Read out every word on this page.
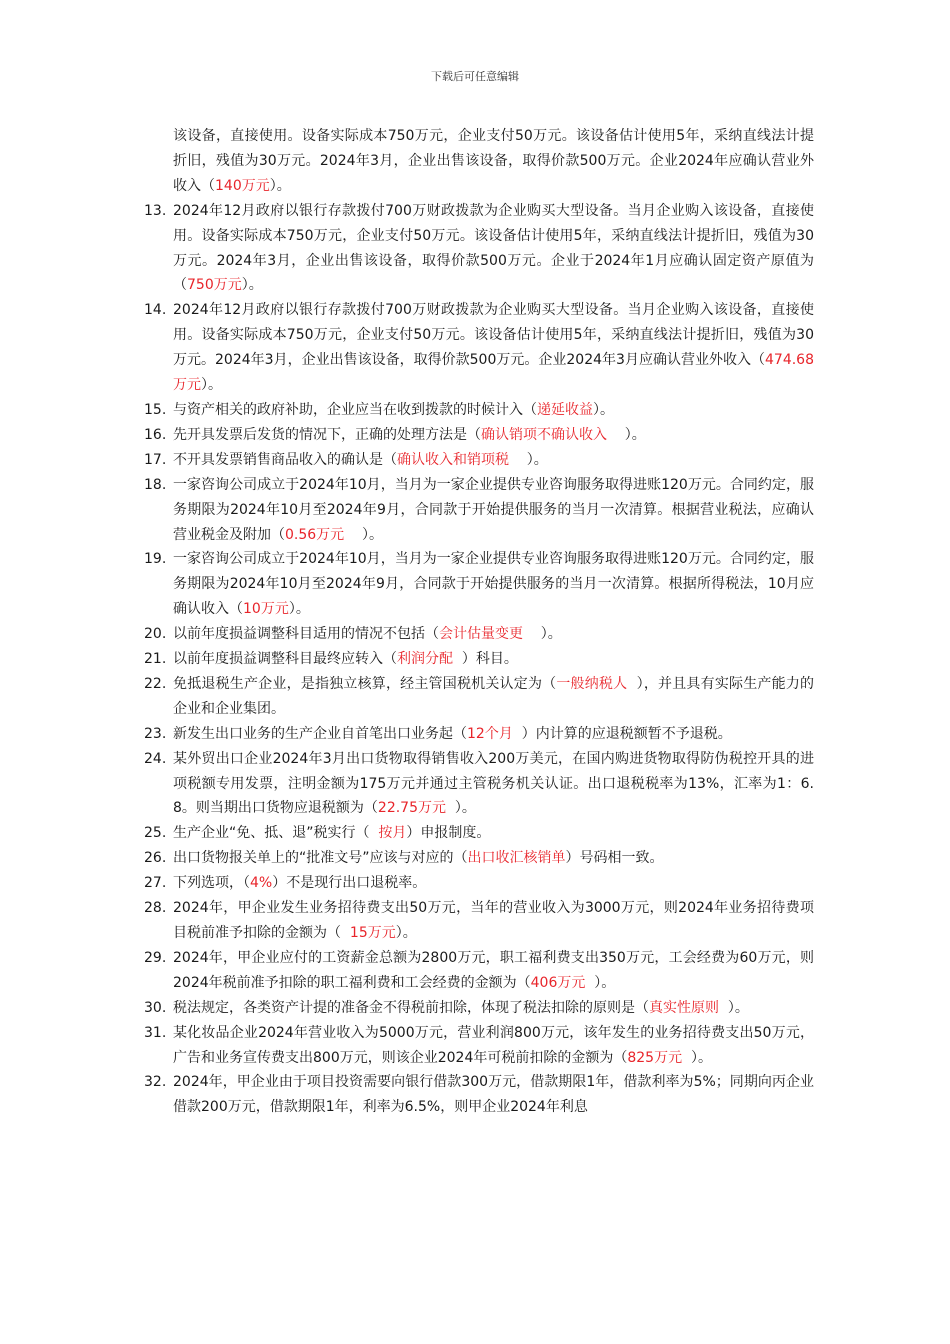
下载后可任意编辑
该设备，直接使用。设备实际成本750万元，企业支付50万元。该设备估计使用5年，采纳直线法计提折旧，残值为30万元。2024年3月，企业出售该设备，取得价款500万元。企业2024年应确认营业外收入（140万元）。
13. 2024年12月政府以银行存款拨付700万财政拨款为企业购买大型设备。当月企业购入该设备，直接使用。设备实际成本750万元，企业支付50万元。该设备估计使用5年，采纳直线法计提折旧，残值为30万元。2024年3月，企业出售该设备，取得价款500万元。企业于2024年1月应确认固定资产原值为（750万元）。
14. 2024年12月政府以银行存款拨付700万财政拨款为企业购买大型设备。当月企业购入该设备，直接使用。设备实际成本750万元，企业支付50万元。该设备估计使用5年，采纳直线法计提折旧，残值为30万元。2024年3月，企业出售该设备，取得价款500万元。企业2024年3月应确认营业外收入（474.68万元）。
15. 与资产相关的政府补助，企业应当在收到拨款的时候计入（递延收益）。
16. 先开具发票后发货的情况下，正确的处理方法是（确认销项不确认收入    ）。
17. 不开具发票销售商品收入的确认是（确认收入和销项税    ）。
18. 一家咨询公司成立于2024年10月，当月为一家企业提供专业咨询服务取得进账120万元。合同约定，服务期限为2024年10月至2024年9月，合同款于开始提供服务的当月一次清算。根据营业税法，应确认营业税金及附加（0.56万元    ）。
19. 一家咨询公司成立于2024年10月，当月为一家企业提供专业咨询服务取得进账120万元。合同约定，服务期限为2024年10月至2024年9月，合同款于开始提供服务的当月一次清算。根据所得税法，10月应确认收入（10万元）。
20. 以前年度损益调整科目适用的情况不包括（会计估量变更    ）。
21. 以前年度损益调整科目最终应转入（利润分配  ）科目。
22. 免抵退税生产企业，是指独立核算，经主管国税机关认定为（一般纳税人  ），并且具有实际生产能力的企业和企业集团。
23. 新发生出口业务的生产企业自首笔出口业务起（12个月  ）内计算的应退税额暂不予退税。
24. 某外贸出口企业2024年3月出口货物取得销售收入200万美元，在国内购进货物取得防伪税控开具的进项税额专用发票，注明金额为175万元并通过主管税务机关认证。出口退税税率为13%，汇率为1：6.8。则当期出口货物应退税额为（22.75万元  ）。
25. 生产企业“免、抵、退”税实行（  按月）申报制度。
26. 出口货物报关单上的“批准文号”应该与对应的（出口收汇核销单）号码相一致。
27. 下列选项，（4%）不是现行出口退税率。
28. 2024年，甲企业发生业务招待费支出50万元，当年的营业收入为3000万元，则2024年业务招待费项目税前准予扣除的金额为（  15万元）。
29. 2024年，甲企业应付的工资薪金总额为2800万元，职工福利费支出350万元，工会经费为60万元，则2024年税前准予扣除的职工福利费和工会经费的金额为（406万元  ）。
30. 税法规定，各类资产计提的准备金不得税前扣除，体现了税法扣除的原则是（真实性原则  ）。
31. 某化妆品企业2024年营业收入为5000万元，营业利润800万元，该年发生的业务招待费支出50万元，广告和业务宣传费支出800万元，则该企业2024年可税前扣除的金额为（825万元  ）。
32. 2024年，甲企业由于项目投资需要向银行借款300万元，借款期限1年，借款利率为5%；同期向丙企业借款200万元，借款期限1年，利率为6.5%，则甲企业2024年利息
